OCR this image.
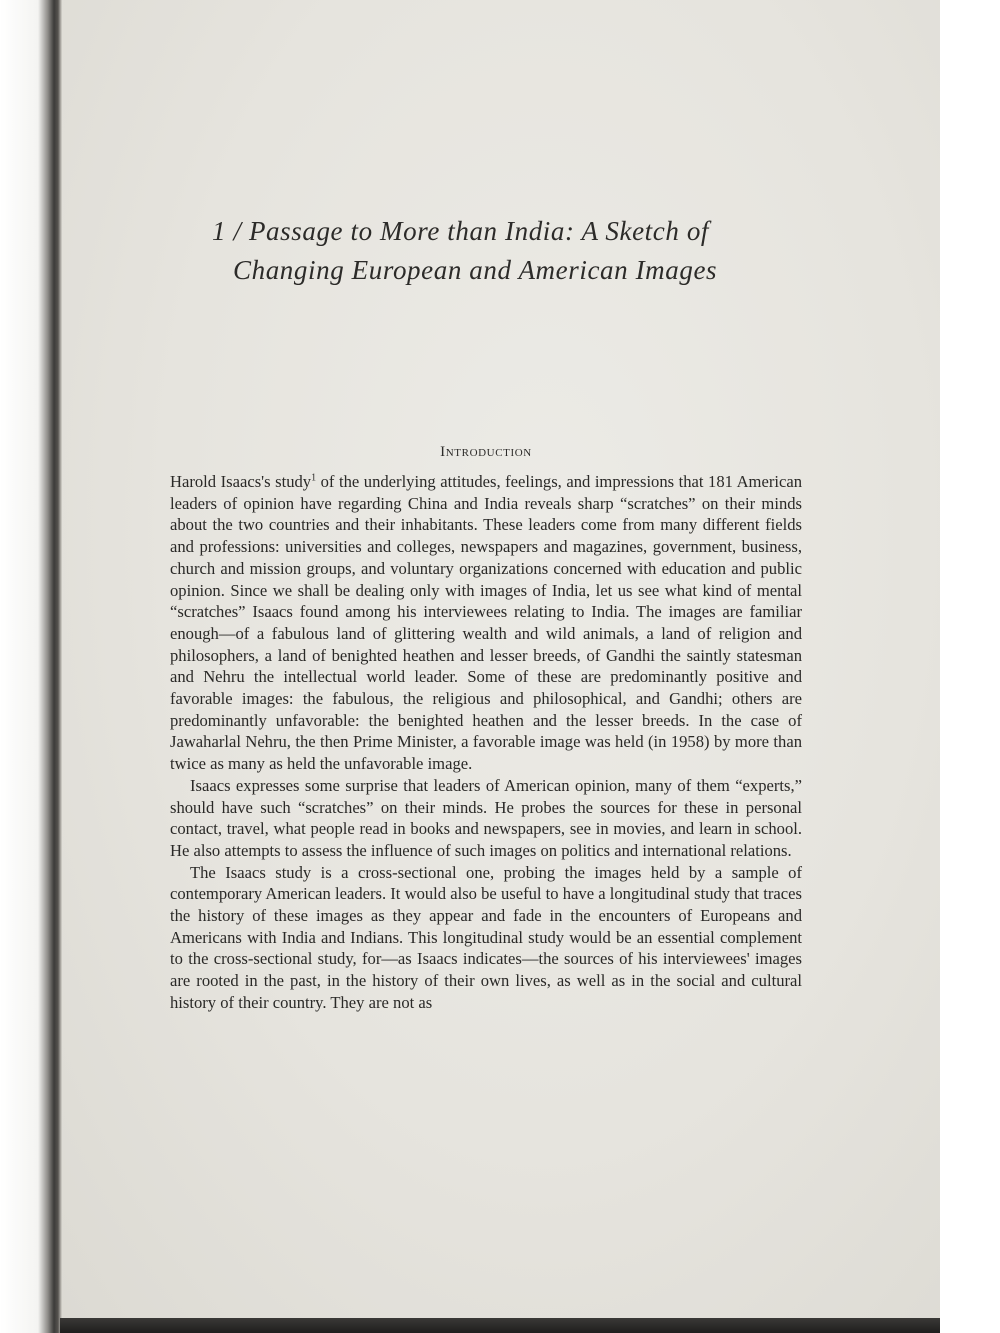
1 / Passage to More than India: A Sketch of
Changing European and American Images
Introduction

Harold Isaacs's study$^1$ of the underlying attitudes, feelings, and impressions that 181 American leaders of opinion have regarding China and India reveals sharp “scratches” on their minds about the two countries and their inhabitants. These leaders come from many different fields and professions: universities and colleges, newspapers and magazines, government, business, church and mission groups, and voluntary organizations concerned with education and public opinion. Since we shall be dealing only with images of India, let us see what kind of mental “scratches” Isaacs found among his interviewees relating to India. The images are familiar enough—of a fabulous land of glittering wealth and wild animals, a land of religion and philosophers, a land of benighted heathen and lesser breeds, of Gandhi the saintly statesman and Nehru the intellectual world leader. Some of these are predominantly positive and favorable images: the fabulous, the religious and philosophical, and Gandhi; others are predominantly unfavorable: the benighted heathen and the lesser breeds. In the case of Jawaharlal Nehru, the then Prime Minister, a favorable image was held (in 1958) by more than twice as many as held the unfavorable image.

Isaacs expresses some surprise that leaders of American opinion, many of them “experts,” should have such “scratches” on their minds. He probes the sources for these in personal contact, travel, what people read in books and newspapers, see in movies, and learn in school. He also attempts to assess the influence of such images on politics and international relations.

The Isaacs study is a cross-sectional one, probing the images held by a sample of contemporary American leaders. It would also be useful to have a longitudinal study that traces the history of these images as they appear and fade in the encounters of Europeans and Americans with India and Indians. This longitudinal study would be an essential complement to the cross-sectional study, for—as Isaacs indicates—the sources of his interviewees' images are rooted in the past, in the history of their own lives, as well as in the social and cultural history of their country. They are not as
